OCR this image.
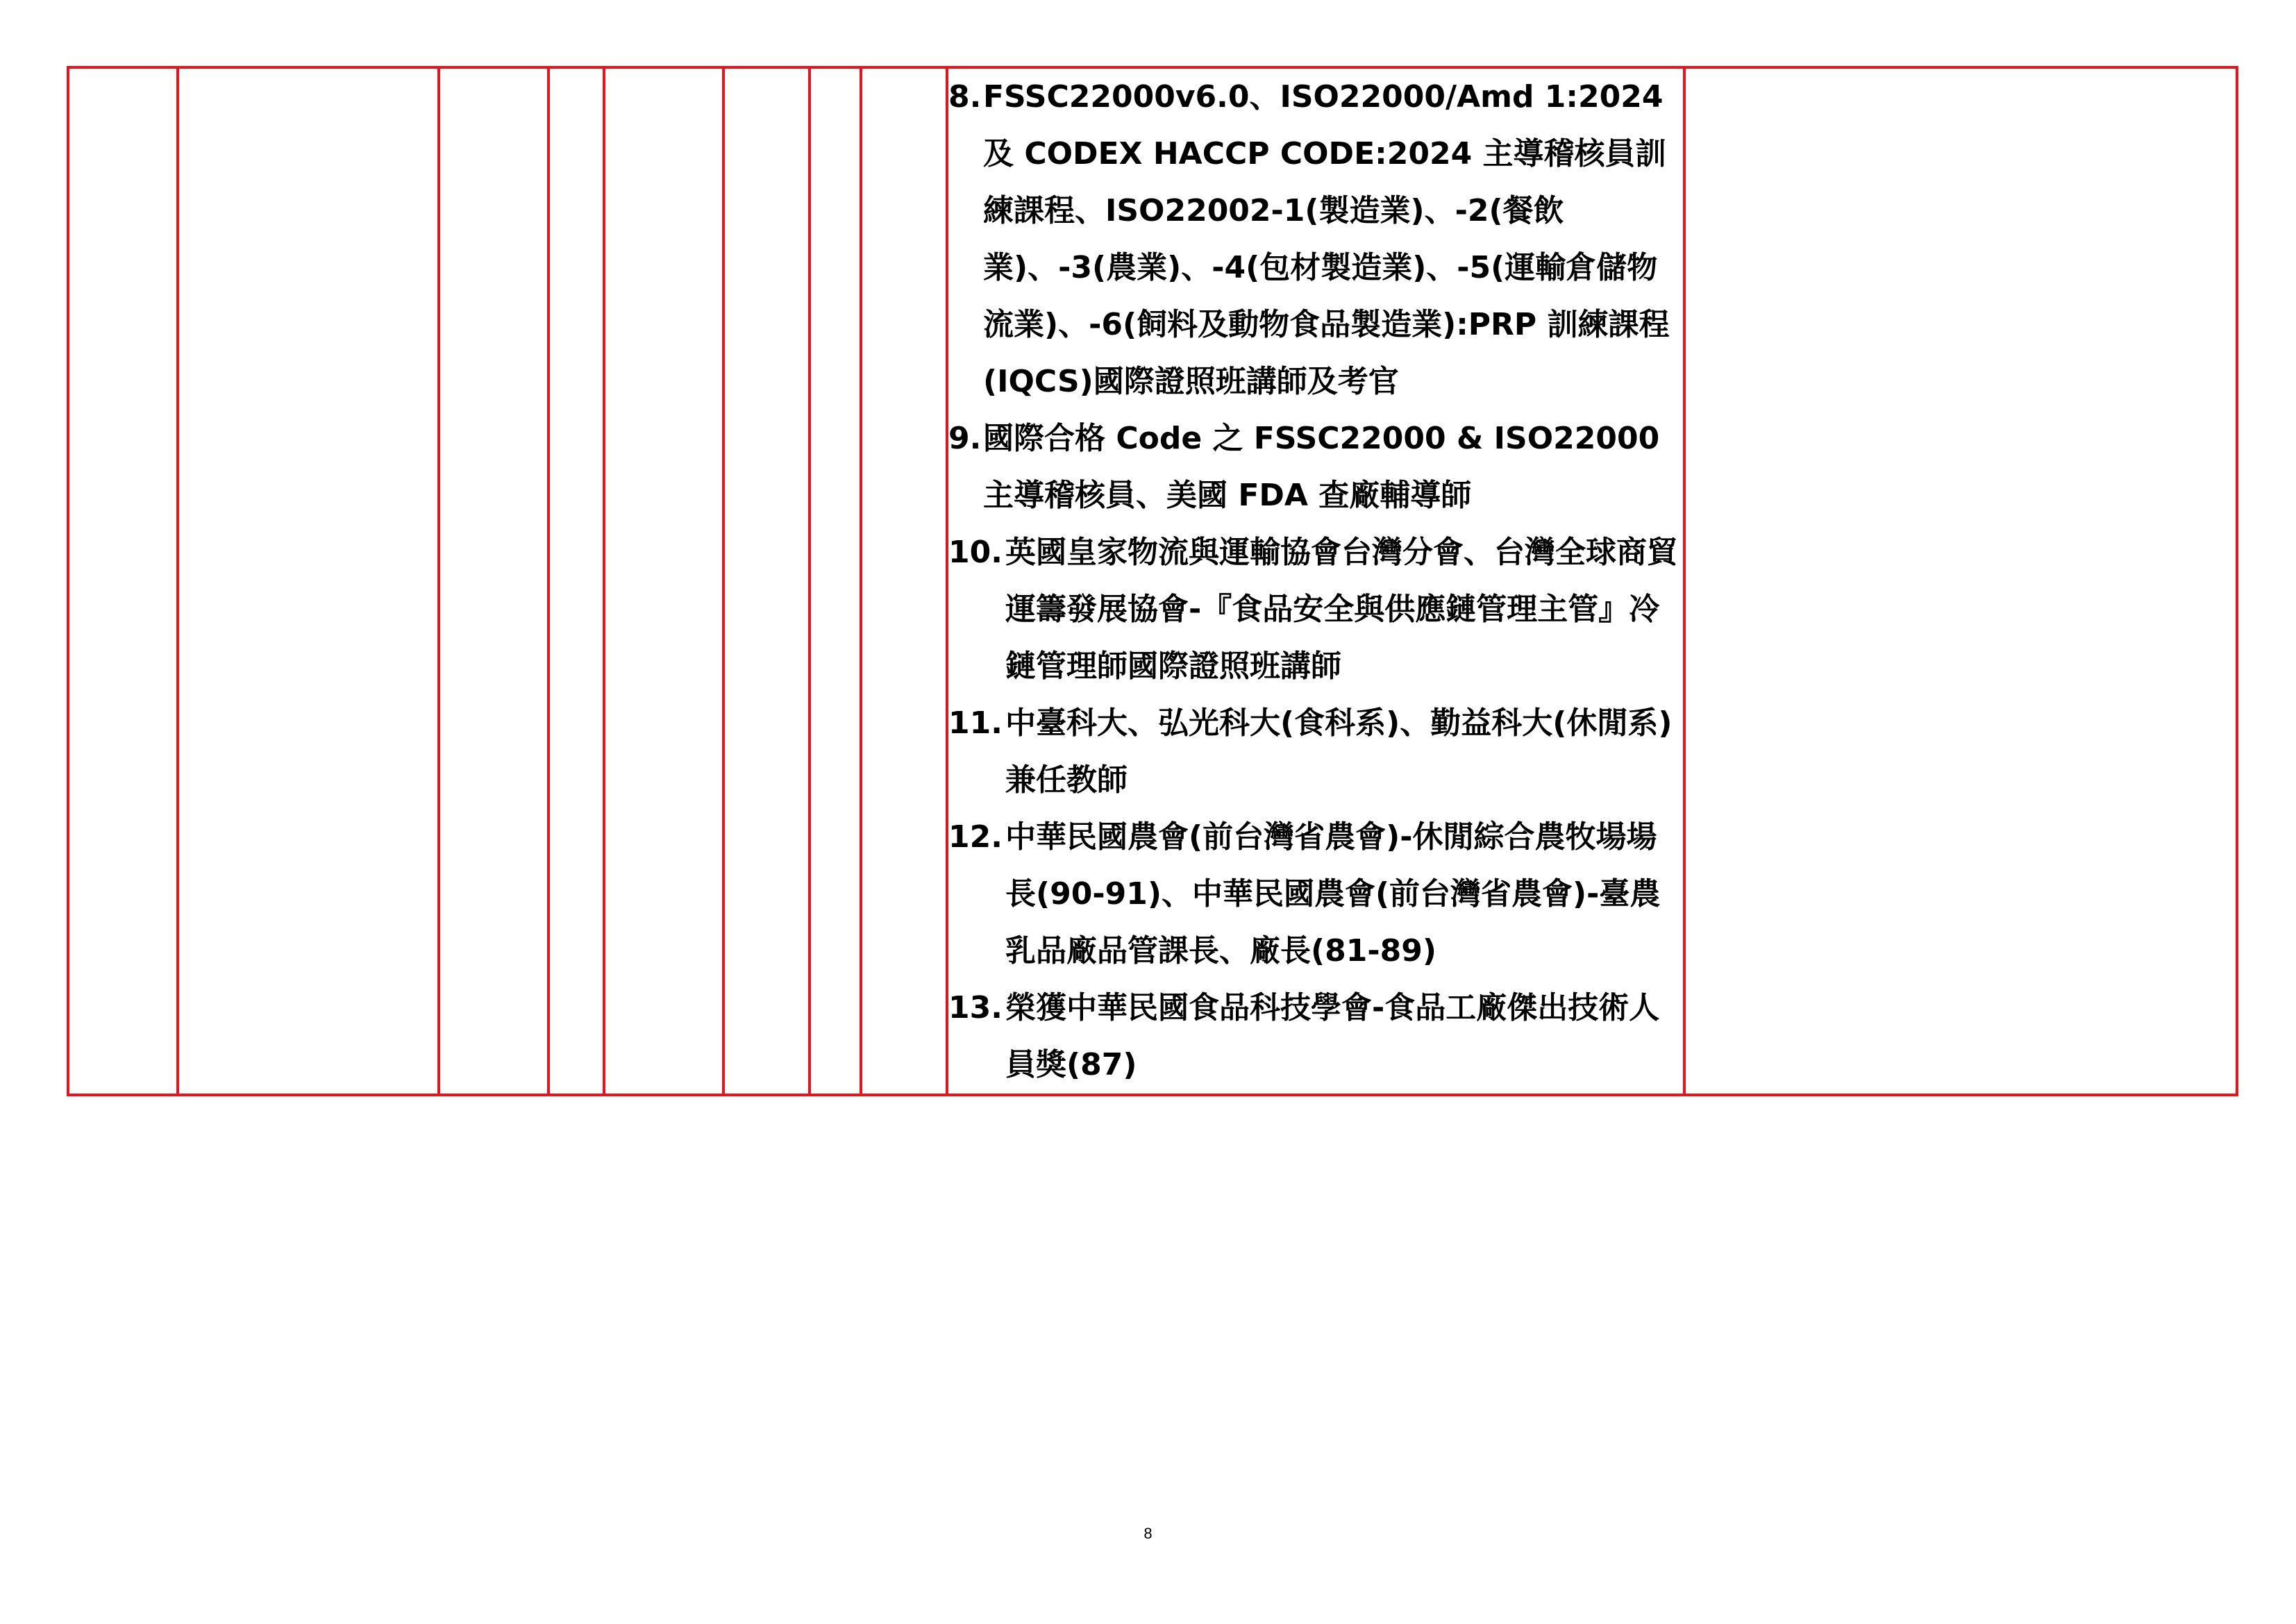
8. FSSC22000v6.0、ISO22000/Amd 1:2024 及 CODEX HACCP CODE:2024 主導稽核員訓練課程、ISO22002-1(製造業)、-2(餐飲業)、-3(農業)、-4(包材製造業)、-5(運輸倉儲物流業)、-6(飼料及動物食品製造業):PRP 訓練課程(IQCS)國際證照班講師及考官
9. 國際合格 Code 之 FSSC22000 & ISO22000 主導稽核員、美國 FDA 查廠輔導師
10. 英國皇家物流與運輸協會台灣分會、台灣全球商貿運籌發展協會-『食品安全與供應鏈管理主管』冷鏈管理師國際證照班講師
11. 中臺科大、弘光科大(食科系)、勤益科大(休閒系)兼任教師
12. 中華民國農會(前台灣省農會)-休閒綜合農牧場場長(90-91)、中華民國農會(前台灣省農會)-臺農乳品廠品管課長、廠長(81-89)
13. 榮獲中華民國食品科技學會-食品工廠傑出技術人員獎(87)

8
